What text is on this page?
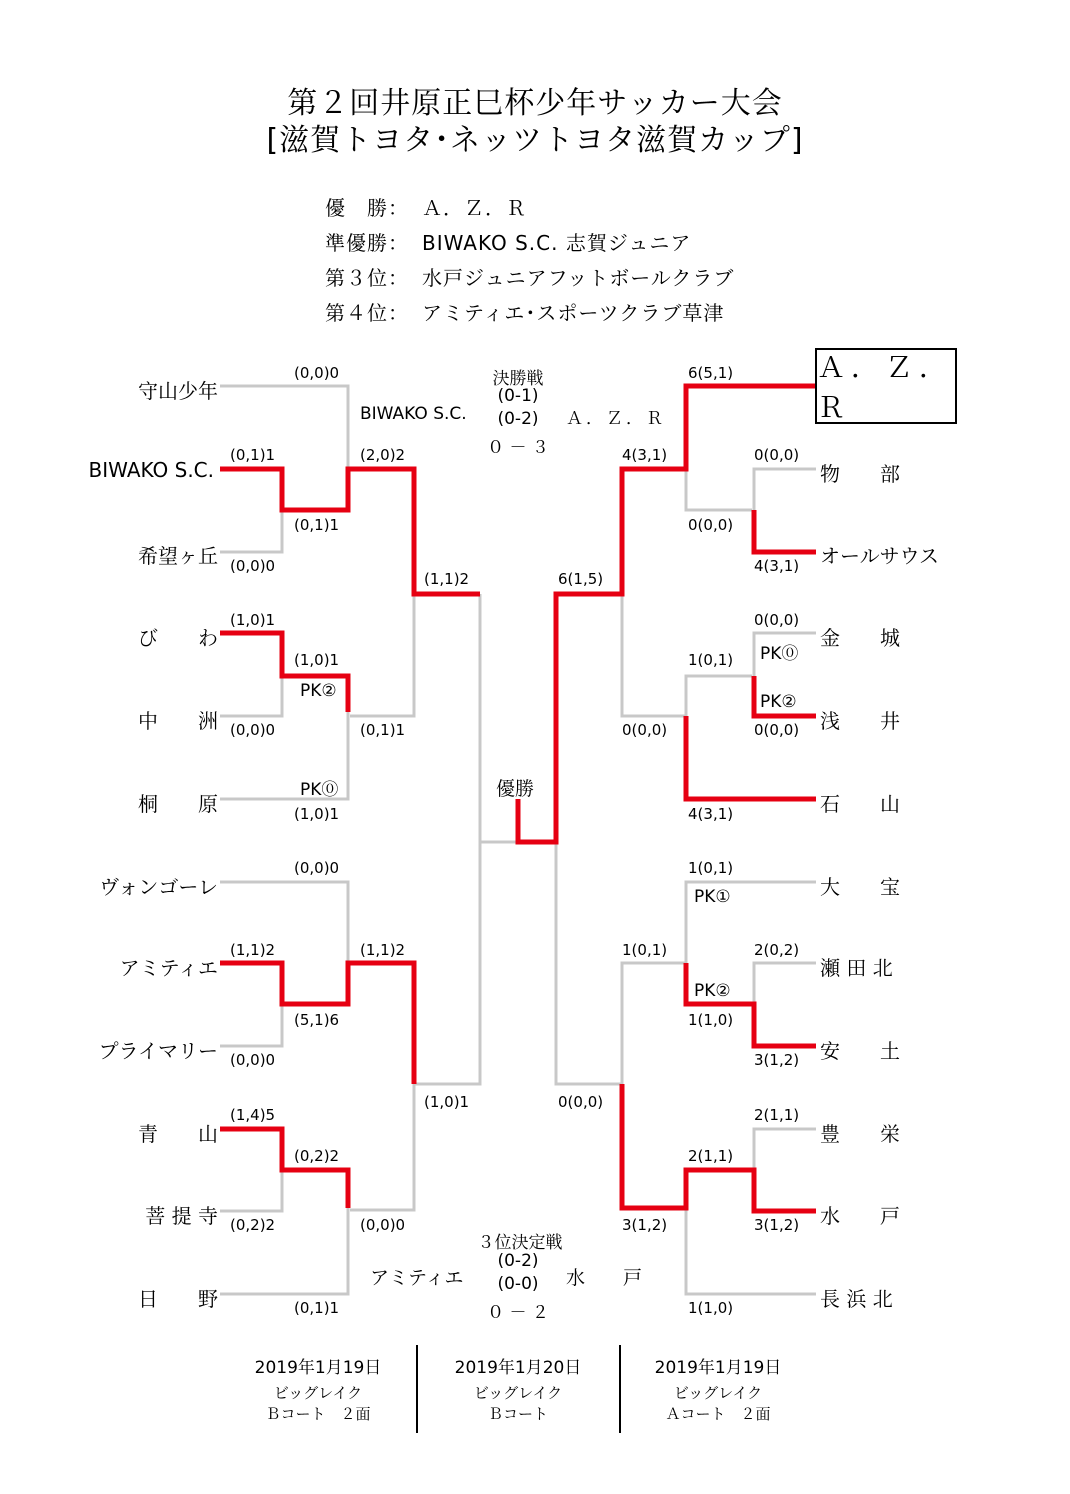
第２回井原正巳杯少年サッカー大会
[滋賀トヨタ･ネッツトヨタ滋賀カップ]
優　勝： Ａ．Ｚ．Ｒ
準優勝： BIWAKO S.C. 志賀ジュニア
第３位： 水戸ジュニアフットボールクラブ
第４位： アミティエ･スポーツクラブ草津
守山少年
BIWAKO S.C.
希望ヶ丘
び　　わ
中　　洲
桐　　原
ヴォンゴーレ
アミティエ
プライマリー
青　　山
菩 提 寺
日　　野
Ａ．Ｚ．Ｒ
物　　部
オールサウス
金　　城
浅　　井
石　　山
大　　宝
瀬 田 北
安　　土
豊　　栄
水　　戸
長 浜 北
(0,0)0
(0,1)1
(0,1)1
(0,0)0
(1,0)1
(1,0)1
(0,0)0
(1,0)1
(0,0)0
(1,1)2
(5,1)6
(0,0)0
(1,4)5
(0,2)2
(0,2)2
(0,1)1
(2,0)2
(0,1)1
(1,1)2
(0,0)0
(1,1)2
(1,0)1
PK②
PK⓪
6(5,1)
0(0,0)
4(3,1)
0(0,0)
4(3,1)
0(0,0)
1(0,1)
0(0,0)
0(0,0)
4(3,1)
1(0,1)
2(0,2)
1(0,1)
1(1,0)
3(1,2)
2(1,1)
2(1,1)
3(1,2)
3(1,2)
1(1,0)
6(1,5)
0(0,0)
PK⓪
PK②
PK①
PK②
決勝戦
(0-1)
(0-2)
０ － ３
BIWAKO S.C.	Ａ．Ｚ．Ｒ
優勝
３位決定戦
(0-2)
(0-0)
０ － ２
アミティエ	水　　戸
2019年1月19日
ビッグレイク
Ｂコート　２面
2019年1月20日
ビッグレイク
Ｂコート
2019年1月19日
ビッグレイク
Ａコート　２面
